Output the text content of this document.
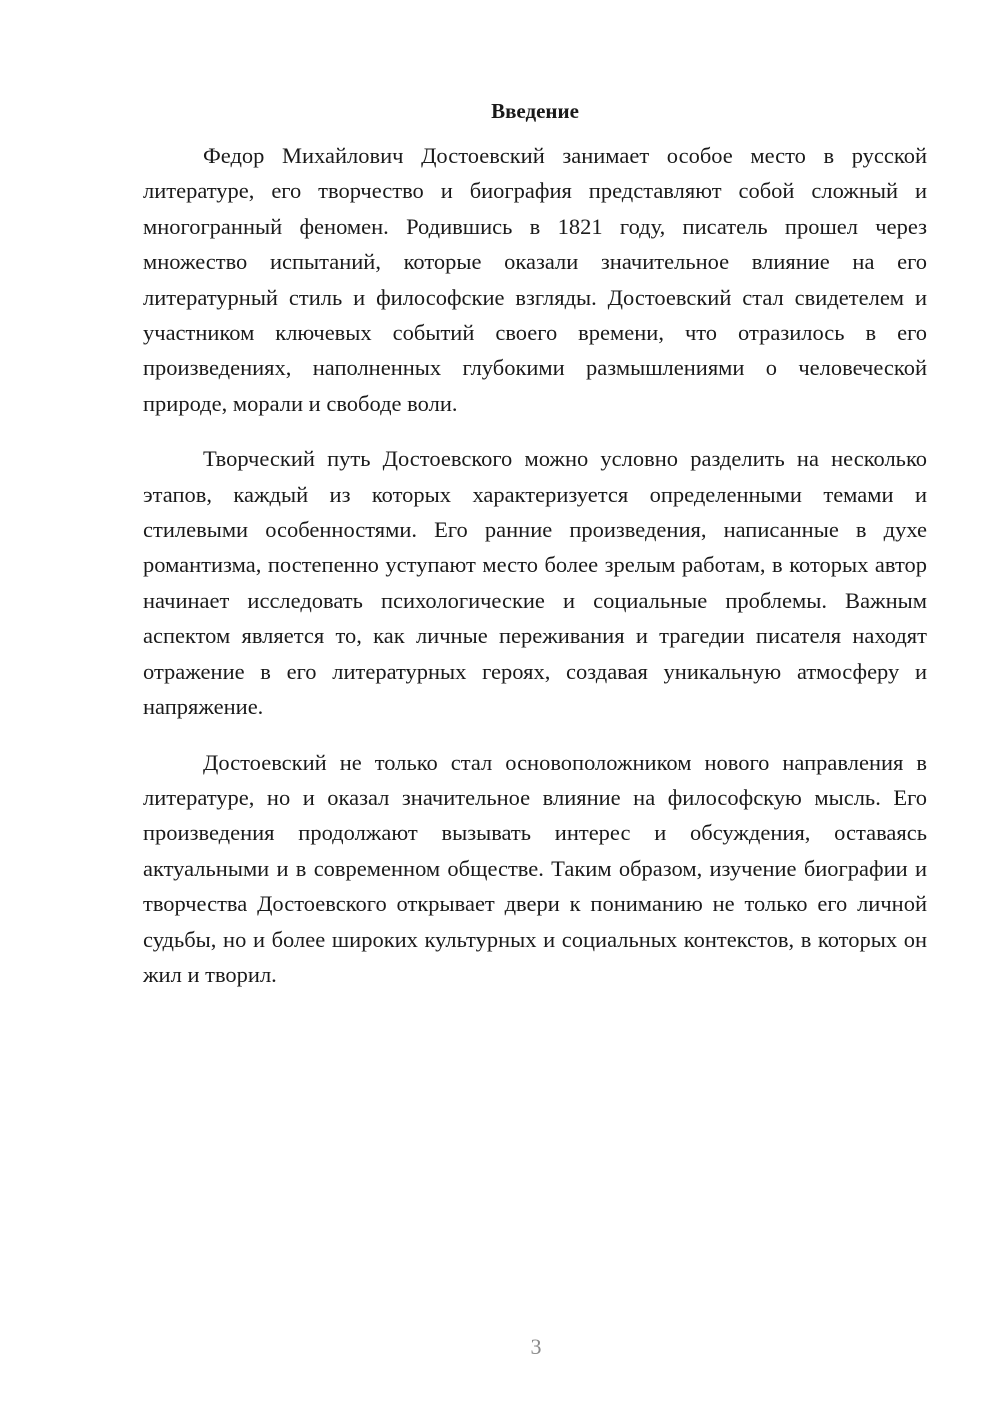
Введение

Федор Михайлович Достоевский занимает особое место в русской литературе, его творчество и биография представляют собой сложный и многогранный феномен. Родившись в 1821 году, писатель прошел через множество испытаний, которые оказали значительное влияние на его литературный стиль и философские взгляды. Достоевский стал свидетелем и участником ключевых событий своего времени, что отразилось в его произведениях, наполненных глубокими размышлениями о человеческой природе, морали и свободе воли.

Творческий путь Достоевского можно условно разделить на несколько этапов, каждый из которых характеризуется определенными темами и стилевыми особенностями. Его ранние произведения, написанные в духе романтизма, постепенно уступают место более зрелым работам, в которых автор начинает исследовать психологические и социальные проблемы. Важным аспектом является то, как личные переживания и трагедии писателя находят отражение в его литературных героях, создавая уникальную атмосферу и напряжение.

Достоевский не только стал основоположником нового направления в литературе, но и оказал значительное влияние на философскую мысль. Его произведения продолжают вызывать интерес и обсуждения, оставаясь актуальными и в современном обществе. Таким образом, изучение биографии и творчества Достоевского открывает двери к пониманию не только его личной судьбы, но и более широких культурных и социальных контекстов, в которых он жил и творил.

3
